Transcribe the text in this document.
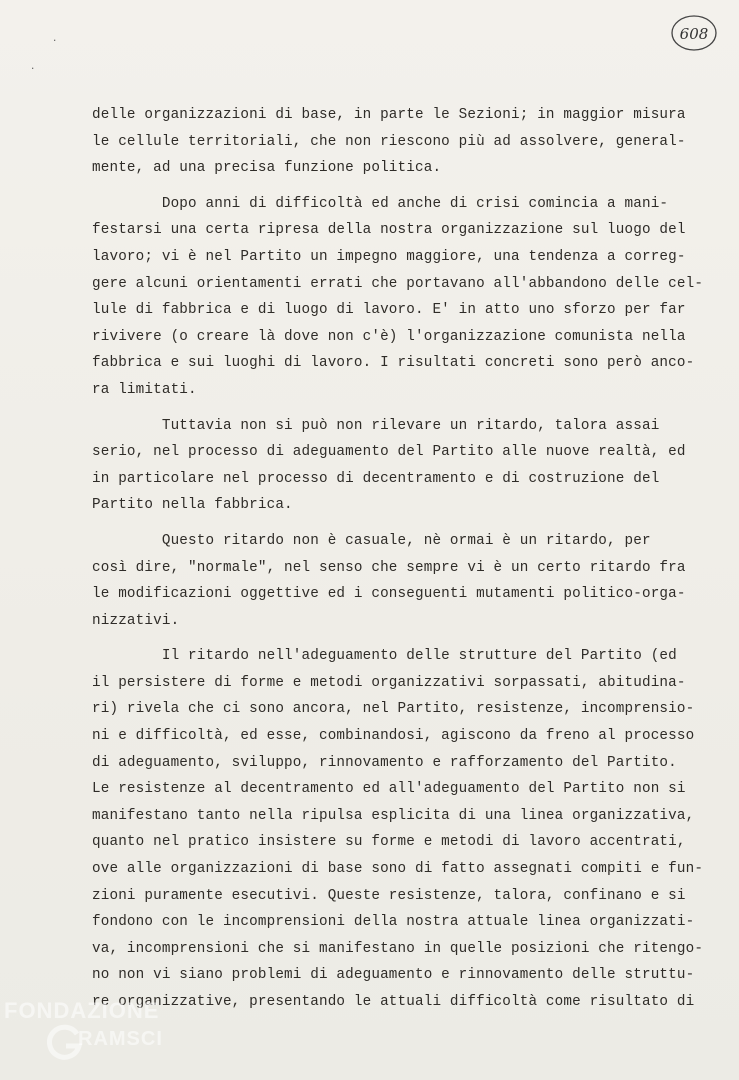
608
.
.
delle organizzazioni di base, in parte le Sezioni; in maggior misura
le cellule territoriali, che non riescono più ad assolvere, general-
mente, ad una precisa funzione politica.
Dopo anni di difficoltà ed anche di crisi comincia a mani-
festarsi una certa ripresa della nostra organizzazione sul luogo del
lavoro; vi è nel Partito un impegno maggiore, una tendenza a correg-
gere alcuni orientamenti errati che portavano all'abbandono delle cel-
lule di fabbrica e di luogo di lavoro. E' in atto uno sforzo per far
rivivere (o creare là dove non c'è) l'organizzazione comunista nella
fabbrica e sui luoghi di lavoro. I risultati concreti sono però anco-
ra limitati.
Tuttavia non si può non rilevare un ritardo, talora assai
serio, nel processo di adeguamento del Partito alle nuove realtà, ed
in particolare nel processo di decentramento e di costruzione del
Partito nella fabbrica.
Questo ritardo non è casuale, nè ormai è un ritardo, per
così dire, "normale", nel senso che sempre vi è un certo ritardo fra
le modificazioni oggettive ed i conseguenti mutamenti politico-orga-
nizzativi.
Il ritardo nell'adeguamento delle strutture del Partito (ed
il persistere di forme e metodi organizzativi sorpassati, abitudina-
ri) rivela che ci sono ancora, nel Partito, resistenze, incomprensio-
ni e difficoltà, ed esse, combinandosi, agiscono da freno al processo
di adeguamento, sviluppo, rinnovamento e rafforzamento del Partito.
Le resistenze al decentramento ed all'adeguamento del Partito non si
manifestano tanto nella ripulsa esplicita di una linea organizzativa,
quanto nel pratico insistere su forme e metodi di lavoro accentrati,
ove alle organizzazioni di base sono di fatto assegnati compiti e fun-
zioni puramente esecutivi. Queste resistenze, talora, confinano e si
fondono con le incomprensioni della nostra attuale linea organizzati-
va, incomprensioni che si manifestano in quelle posizioni che ritengo-
no non vi siano problemi di adeguamento e rinnovamento delle struttu-
re organizzative, presentando le attuali difficoltà come risultato di
FONDAZIONE
RAMSCI
